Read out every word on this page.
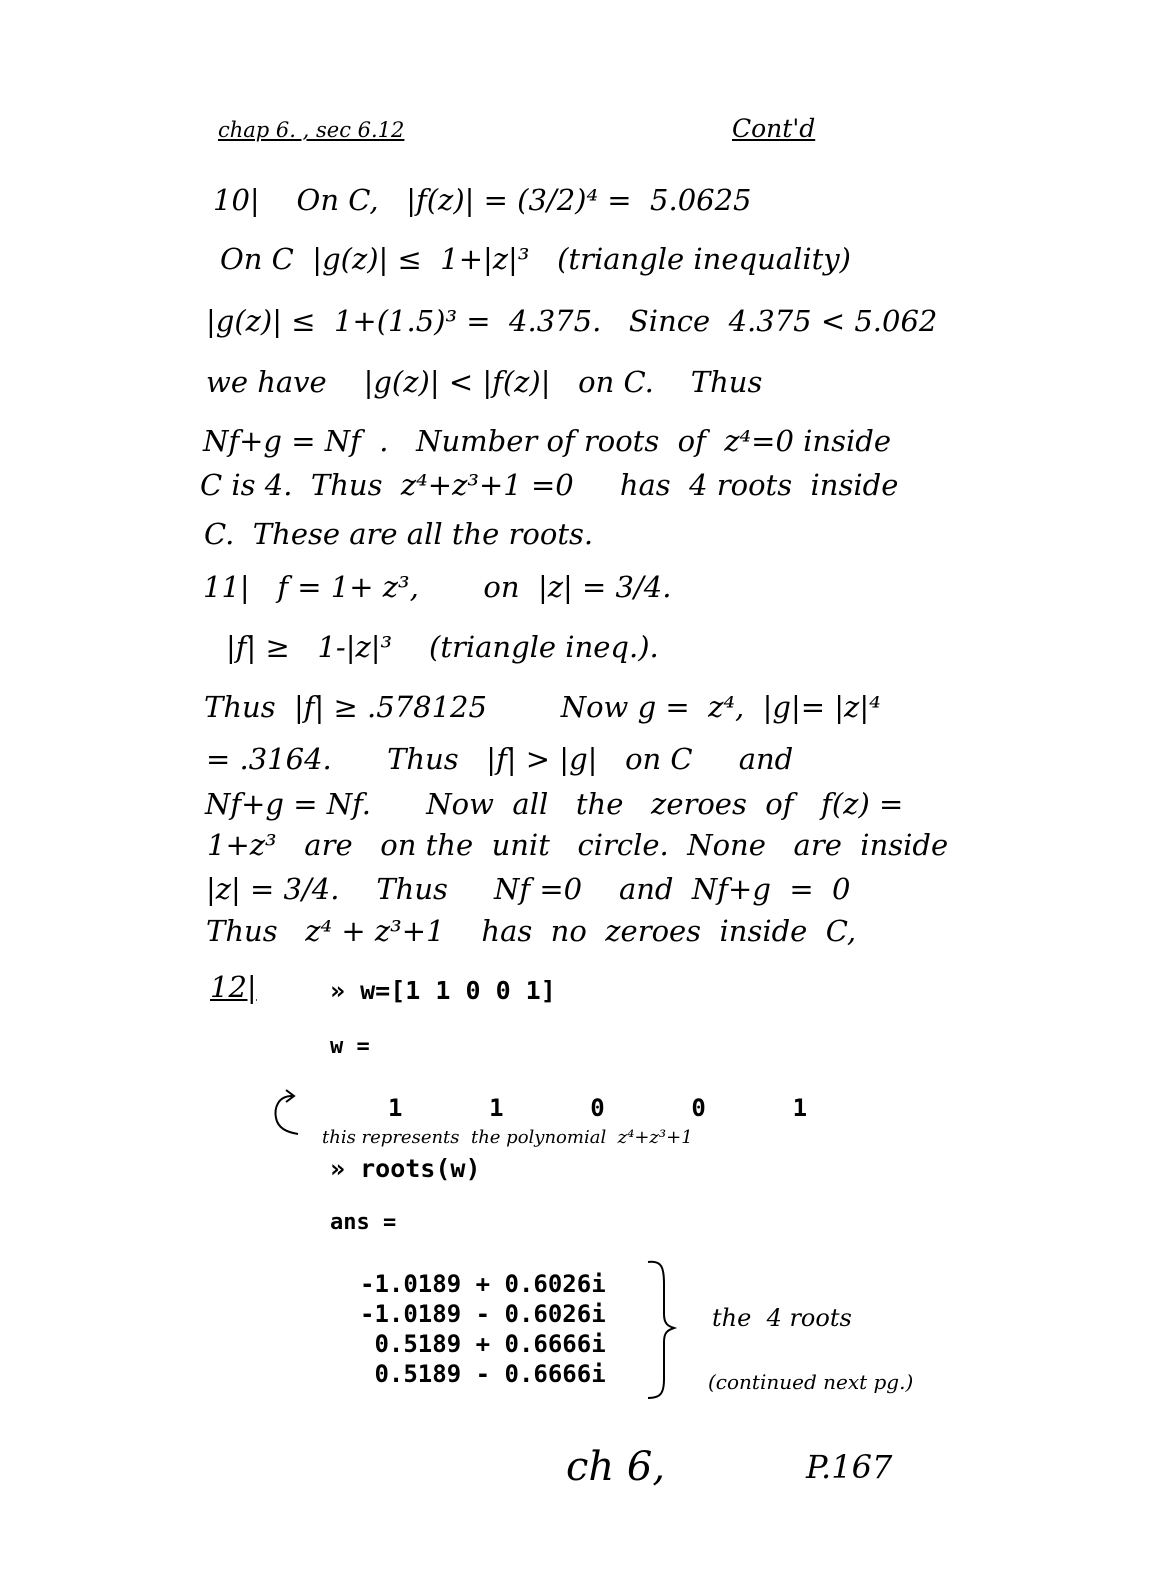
chap 6. , sec 6.12	Cont'd
10|    On C,   |f(z)| = (3/2)⁴ =  5.0625
On C  |g(z)| ≤  1+|z|³   (triangle inequality)
|g(z)| ≤  1+(1.5)³ =  4.375.   Since  4.375 < 5.062
we have    |g(z)| < |f(z)|   on C.    Thus
Nf+g = Nf  .   Number of roots  of  z⁴=0 inside
C is 4.  Thus  z⁴+z³+1 =0     has  4 roots  inside
C.  These are all the roots.
11|   f = 1+ z³,       on  |z| = 3/4.
|f| ≥   1-|z|³    (triangle ineq.).
Thus  |f| ≥ .578125        Now g =  z⁴,  |g|= |z|⁴
= .3164.      Thus   |f| > |g|   on C     and
Nf+g = Nf.      Now  all   the   zeroes  of   f(z) =
1+z³   are   on the  unit   circle.  None   are  inside
|z| = 3/4.    Thus     Nf =0    and  Nf+g  =  0
Thus   z⁴ + z³+1    has  no  zeroes  inside  C,
12|	» w=[1 1 0 0 1]
w =
1      1      0      0      1
this represents  the polynomial  z⁴+z³+1
» roots(w)
ans =
-1.0189 + 0.6026i
-1.0189 - 0.6026i
0.5189 + 0.6666i
0.5189 - 0.6666i
the  4 roots
(continued next pg.)
ch 6,	P.167
